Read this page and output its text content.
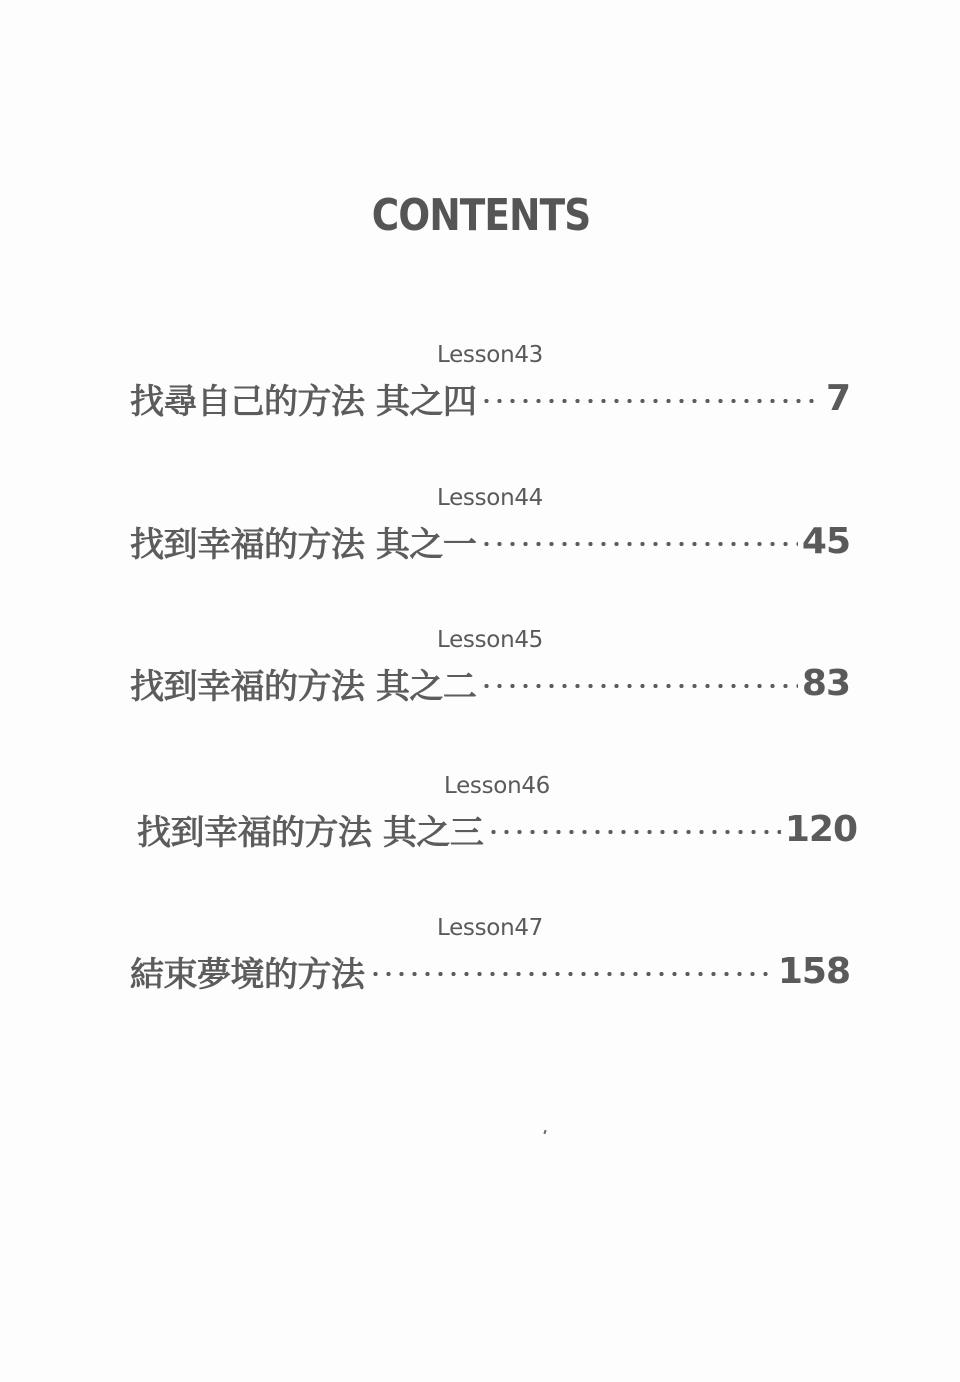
CONTENTS
Lesson43
找尋自己的方法 其之四	7
Lesson44
找到幸福的方法 其之一	45
Lesson45
找到幸福的方法 其之二	83
Lesson46
找到幸福的方法 其之三	120
Lesson47
結束夢境的方法	158
